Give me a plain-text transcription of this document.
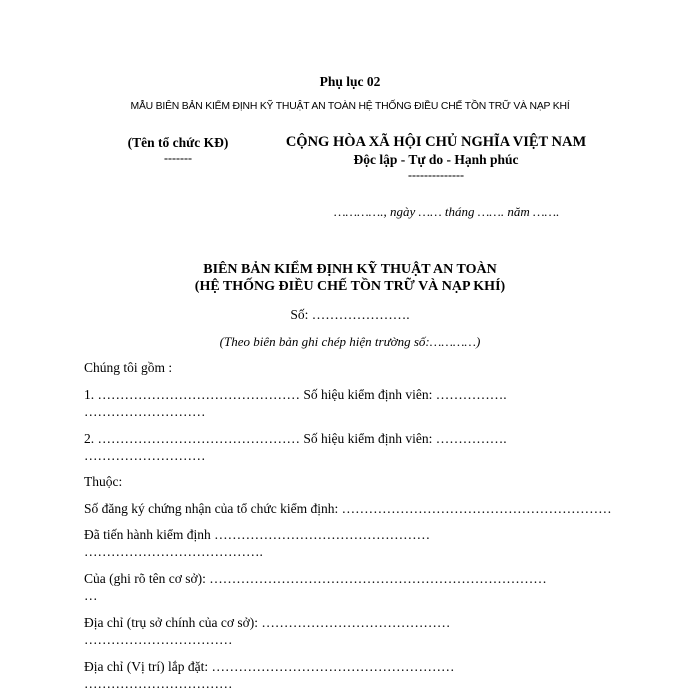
Phụ lục 02
MẪU BIÊN BẢN KIỂM ĐỊNH KỸ THUẬT AN TOÀN HỆ THỐNG ĐIỀU CHẾ TỒN TRỮ VÀ NẠP KHÍ
(Tên tổ chức KĐ)
-------
CỘNG HÒA XÃ HỘI CHỦ NGHĨA VIỆT NAM
Độc lập - Tự do - Hạnh phúc
--------------
…………., ngày …… tháng ……. năm …….
BIÊN BẢN KIỂM ĐỊNH KỸ THUẬT AN TOÀN
(HỆ THỐNG ĐIỀU CHẾ TỒN TRỮ VÀ NẠP KHÍ)
Số: ………………….
(Theo biên bản ghi chép hiện trường số:…………)
Chúng tôi gồm :
1. ……………………………………… Số hiệu kiểm định viên: …………….
………………………
2. ……………………………………… Số hiệu kiểm định viên: …………….
………………………
Thuộc:
Số đăng ký chứng nhận của tổ chức kiểm định: ……………………………………………………
Đã tiến hành kiểm định …………………………………………
………………………………….
Của (ghi rõ tên cơ sở): …………………………………………………………………
…
Địa chỉ (trụ sở chính của cơ sở): ……………………………………
……………………………
Địa chỉ (Vị trí) lắp đặt: ………………………………………………
……………………………
